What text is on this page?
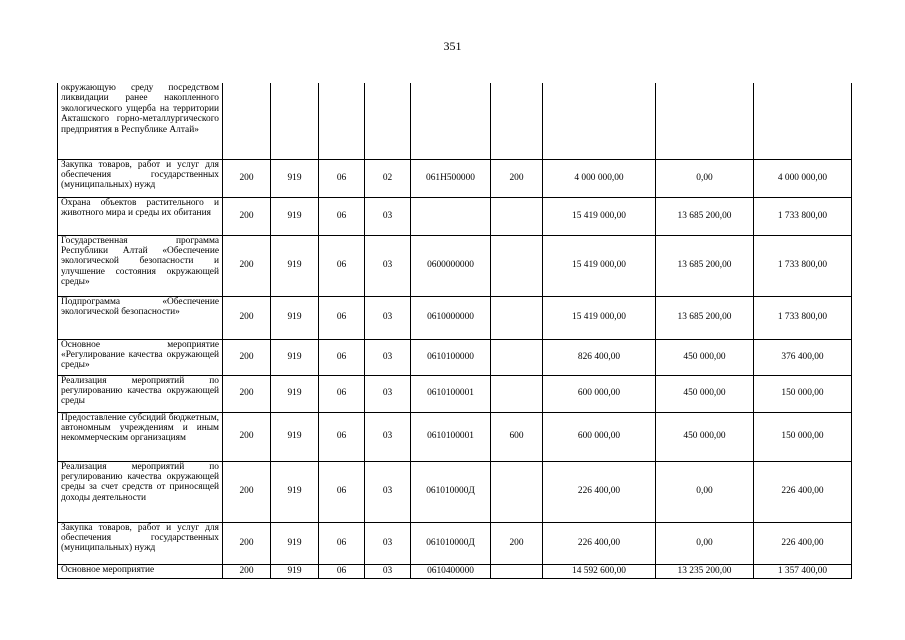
351
окружающую среду посредством ликвидации ранее накопленного экологического ущерба на территории Акташского горно-металлургического предприятия в Республике Алтай»									
Закупка товаров, работ и услуг для обеспечения государственных (муниципальных) нужд	200	919	06	02	061Н500000	200	4 000 000,00	0,00	4 000 000,00
Охрана объектов растительного и животного мира и среды их обитания	200	919	06	03			15 419 000,00	13 685 200,00	1 733 800,00
Государственная программа Республики Алтай «Обеспечение экологической безопасности и улучшение состояния окружающей среды»	200	919	06	03	0600000000		15 419 000,00	13 685 200,00	1 733 800,00
Подпрограмма «Обеспечение экологической безопасности»	200	919	06	03	0610000000		15 419 000,00	13 685 200,00	1 733 800,00
Основное мероприятие «Регулирование качества окружающей среды»	200	919	06	03	0610100000		826 400,00	450 000,00	376 400,00
Реализация мероприятий по регулированию качества окружающей среды	200	919	06	03	0610100001		600 000,00	450 000,00	150 000,00
Предоставление субсидий бюджетным, автономным учреждениям и иным некоммерческим организациям	200	919	06	03	0610100001	600	600 000,00	450 000,00	150 000,00
Реализация мероприятий по регулированию качества окружающей среды за счет средств от приносящей доходы деятельности	200	919	06	03	061010000Д		226 400,00	0,00	226 400,00
Закупка товаров, работ и услуг для обеспечения государственных (муниципальных) нужд	200	919	06	03	061010000Д	200	226 400,00	0,00	226 400,00
Основное мероприятие	200	919	06	03	0610400000		14 592 600,00	13 235 200,00	1 357 400,00
